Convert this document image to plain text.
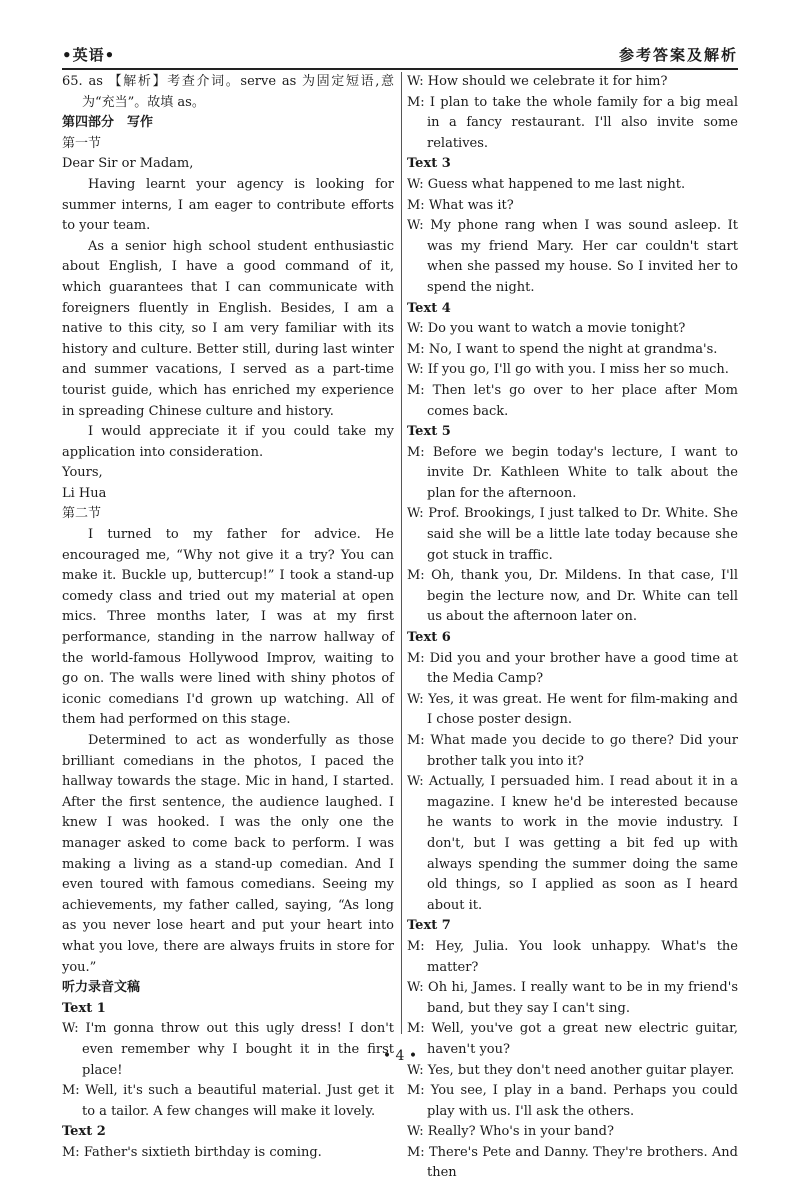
•英语•	参考答案及解析

65. as 【解析】考查介词。serve as 为固定短语,意为“充当”。故填 as。

第四部分　写作

第一节

Dear Sir or Madam,

Having learnt your agency is looking for summer interns, I am eager to contribute efforts to your team.

As a senior high school student enthusiastic about English, I have a good command of it, which guarantees that I can communicate with foreigners fluently in English. Besides, I am a native to this city, so I am very familiar with its history and culture. Better still, during last winter and summer vacations, I served as a part-time tourist guide, which has enriched my experience in spreading Chinese culture and history.

I would appreciate it if you could take my application into consideration.

Yours,

Li Hua

第二节

I turned to my father for advice. He encouraged me, “Why not give it a try? You can make it. Buckle up, buttercup!” I took a stand-up comedy class and tried out my material at open mics. Three months later, I was at my first performance, standing in the narrow hallway of the world-famous Hollywood Improv, waiting to go on. The walls were lined with shiny photos of iconic comedians I'd grown up watching. All of them had performed on this stage.

Determined to act as wonderfully as those brilliant comedians in the photos, I paced the hallway towards the stage. Mic in hand, I started. After the first sentence, the audience laughed. I knew I was hooked. I was the only one the manager asked to come back to perform. I was making a living as a stand-up comedian. And I even toured with famous comedians. Seeing my achievements, my father called, saying, “As long as you never lose heart and put your heart into what you love, there are always fruits in store for you.”

听力录音文稿

Text 1

W: I'm gonna throw out this ugly dress! I don't even remember why I bought it in the first place!

M: Well, it's such a beautiful material. Just get it to a tailor. A few changes will make it lovely.

Text 2

M: Father's sixtieth birthday is coming.

W: How should we celebrate it for him?

M: I plan to take the whole family for a big meal in a fancy restaurant. I'll also invite some relatives.

Text 3

W: Guess what happened to me last night.

M: What was it?

W: My phone rang when I was sound asleep. It was my friend Mary. Her car couldn't start when she passed my house. So I invited her to spend the night.

Text 4

W: Do you want to watch a movie tonight?

M: No, I want to spend the night at grandma's.

W: If you go, I'll go with you. I miss her so much.

M: Then let's go over to her place after Mom comes back.

Text 5

M: Before we begin today's lecture, I want to invite Dr. Kathleen White to talk about the plan for the afternoon.

W: Prof. Brookings, I just talked to Dr. White. She said she will be a little late today because she got stuck in traffic.

M: Oh, thank you, Dr. Mildens. In that case, I'll begin the lecture now, and Dr. White can tell us about the afternoon later on.

Text 6

M: Did you and your brother have a good time at the Media Camp?

W: Yes, it was great. He went for film-making and I chose poster design.

M: What made you decide to go there? Did your brother talk you into it?

W: Actually, I persuaded him. I read about it in a magazine. I knew he'd be interested because he wants to work in the movie industry. I don't, but I was getting a bit fed up with always spending the summer doing the same old things, so I applied as soon as I heard about it.

Text 7

M: Hey, Julia. You look unhappy. What's the matter?

W: Oh hi, James. I really want to be in my friend's band, but they say I can't sing.

M: Well, you've got a great new electric guitar, haven't you?

W: Yes, but they don't need another guitar player.

M: You see, I play in a band. Perhaps you could play with us. I'll ask the others.

W: Really? Who's in your band?

M: There's Pete and Danny. They're brothers. And then

• 4 •
